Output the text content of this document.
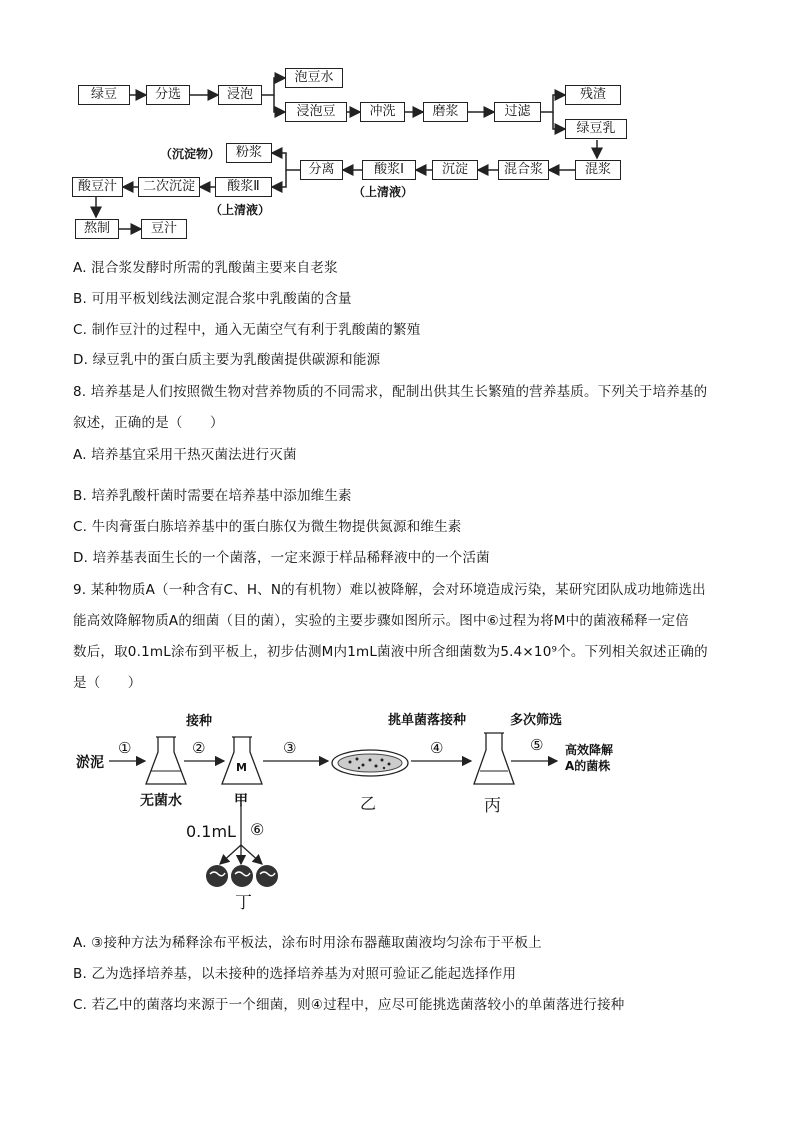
绿豆	分选	浸泡
泡豆水
浸泡豆	冲洗	磨浆	过滤
残渣
绿豆乳
混浆
混合浆
沉淀
酸浆Ⅰ
分离
粉浆
酸浆Ⅱ
二次沉淀
酸豆汁
熬制	豆汁
（沉淀物）
（上清液）
（上清液）
A. 混合浆发酵时所需的乳酸菌主要来自老浆
B. 可用平板划线法测定混合浆中乳酸菌的含量
C. 制作豆汁的过程中，通入无菌空气有利于乳酸菌的繁殖
D. 绿豆乳中的蛋白质主要为乳酸菌提供碳源和能源
8. 培养基是人们按照微生物对营养物质的不同需求，配制出供其生长繁殖的营养基质。下列关于培养基的
叙述，正确的是（　　）
A. 培养基宜采用干热灭菌法进行灭菌
B. 培养乳酸杆菌时需要在培养基中添加维生素
C. 牛肉膏蛋白胨培养基中的蛋白胨仅为微生物提供氮源和维生素
D. 培养基表面生长的一个菌落，一定来源于样品稀释液中的一个活菌
9. 某种物质A（一种含有C、H、N的有机物）难以被降解，会对环境造成污染，某研究团队成功地筛选出
能高效降解物质A的细菌（目的菌），实验的主要步骤如图所示。图中⑥过程为将M中的菌液稀释一定倍
数后，取0.1mL涂布到平板上，初步估测M内1mL菌液中所含细菌数为5.4×10⁹个。下列相关叙述正确的
是（　　）
接种	挑单菌落接种	多次筛选
淤泥
①	②	③	④	⑤
M
高效降解
A的菌株
无菌水	甲	乙	丙
0.1mL ⑥
丁
A. ③接种方法为稀释涂布平板法，涂布时用涂布器蘸取菌液均匀涂布于平板上
B. 乙为选择培养基，以未接种的选择培养基为对照可验证乙能起选择作用
C. 若乙中的菌落均来源于一个细菌，则④过程中，应尽可能挑选菌落较小的单菌落进行接种
